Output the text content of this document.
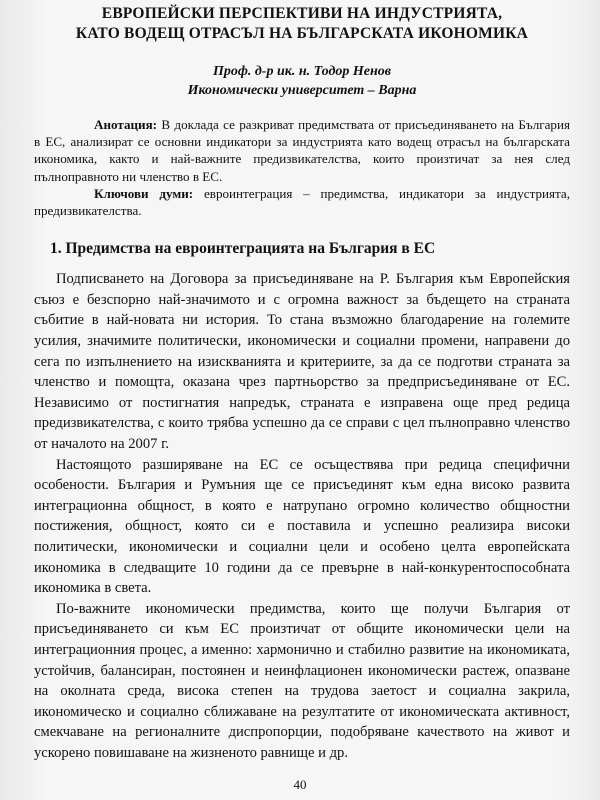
ЕВРОПЕЙСКИ ПЕРСПЕКТИВИ НА ИНДУСТРИЯТА,
КАТО ВОДЕЩ ОТРАСЪЛ НА БЪЛГАРСКАТА ИКОНОМИКА
Проф. д-р ик. н. Тодор Ненов
Икономически университет – Варна

Анотация: В доклада се разкриват предимствата от присъединяването на България в ЕС, анализират се основни индикатори за индустрията като водещ отрасъл на българската икономика, както и най-важните предизвикателства, които произтичат за нея след пълноправното ни членство в ЕС.

Ключови думи: евроинтеграция – предимства, индикатори за индустрията, предизвикателства.

1. Предимства на евроинтеграцията на България в ЕС

Подписването на Договора за присъединяване на Р. България към Европейския съюз е безспорно най-значимото и с огромна важност за бъдещето на страната събитие в най-новата ни история. То стана възможно благодарение на големите усилия, значимите политически, икономически и социални промени, направени до сега по изпълнението на изискванията и критериите, за да се подготви страната за членство и помощта, оказана чрез партньорство за предприсъединяване от ЕС. Независимо от постигнатия напредък, страната е изправена още пред редица предизвикателства, с които трябва успешно да се справи с цел пълноправно членство от началото на 2007 г.

Настоящото разширяване на ЕС се осъществява при редица специфични особености. България и Румъния ще се присъединят към една високо развита интеграционна общност, в която е натрупано огромно количество общностни постижения, общност, която си е поставила и успешно реализира високи политически, икономически и социални цели и особено целта европейската икономика в следващите 10 години да се превърне в най-конкурентоспособната икономика в света.

По-важните икономически предимства, които ще получи България от присъединяването си към ЕС произтичат от общите икономически цели на интеграционния процес, а именно: хармонично и стабилно развитие на икономиката, устойчив, балансиран, постоянен и неинфлационен икономически растеж, опазване на околната среда, висока степен на трудова заетост и социална закрила, икономическо и социално сближаване на резултатите от икономическата активност, смекчаване на регионалните диспропорции, подобряване качеството на живот и ускорено повишаване на жизненото равнище и др.

40
